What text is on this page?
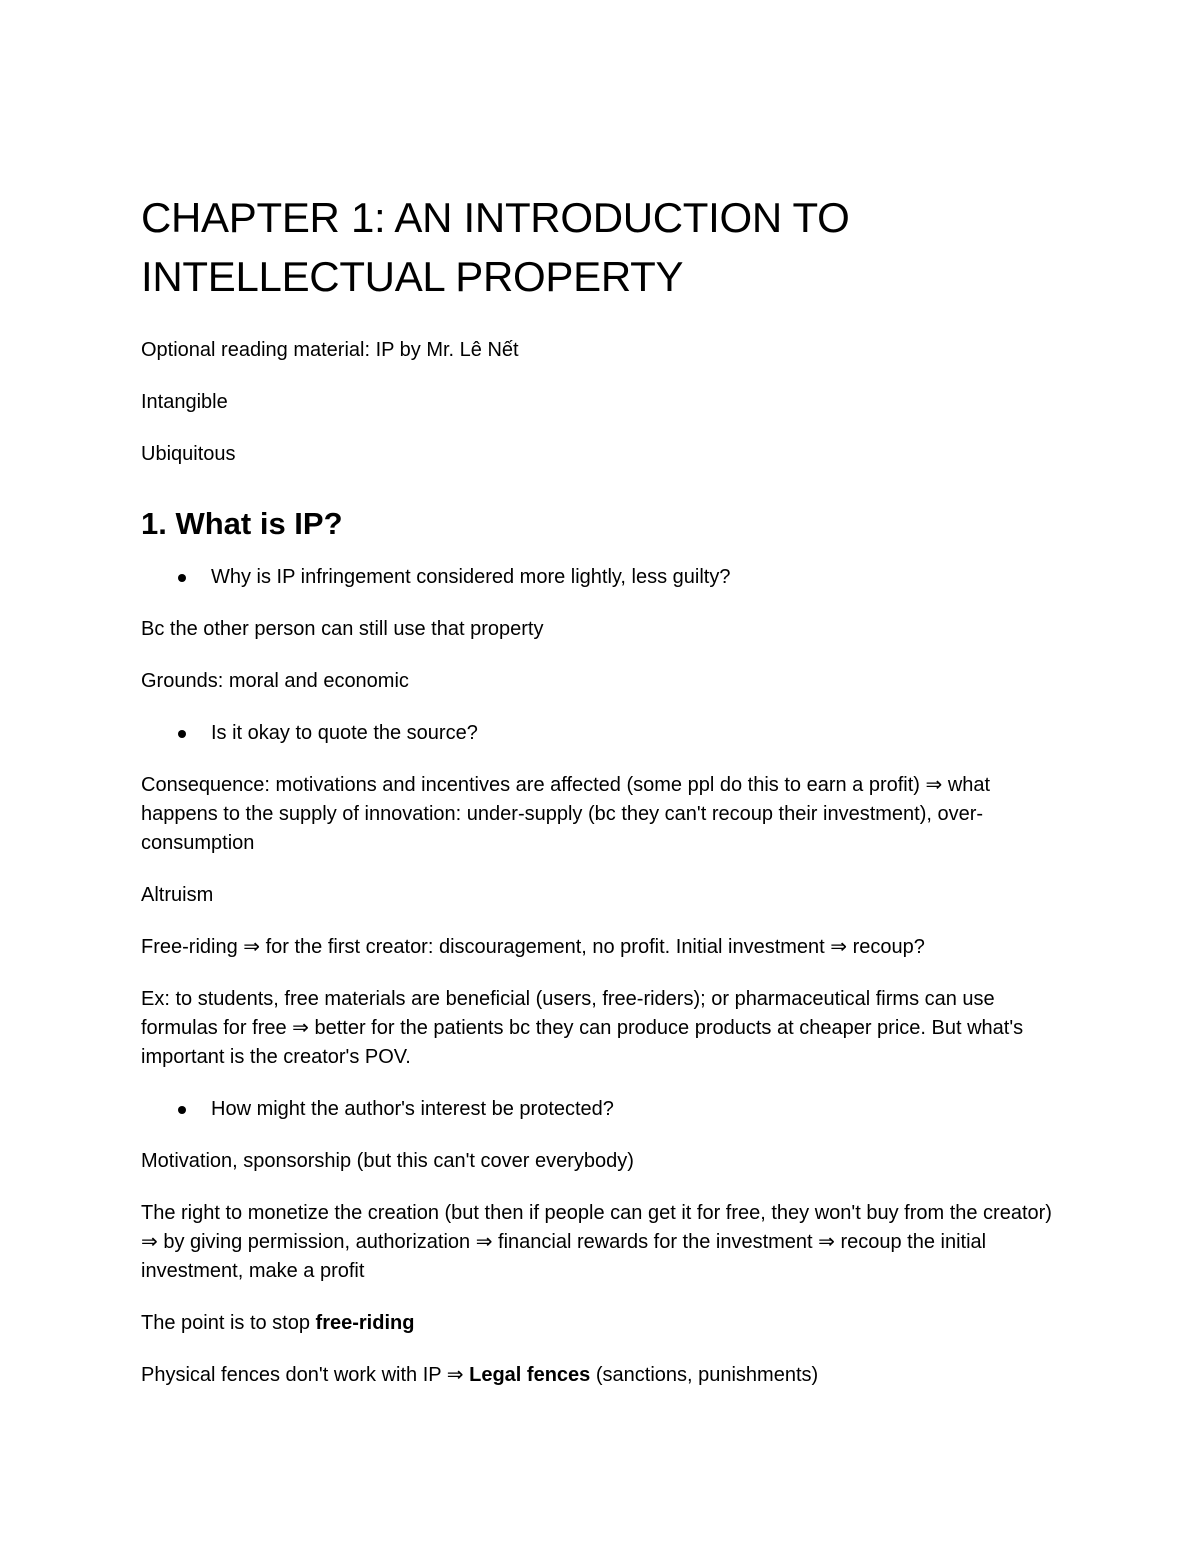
CHAPTER 1: AN INTRODUCTION TO INTELLECTUAL PROPERTY

Optional reading material: IP by Mr. Lê Nết

Intangible

Ubiquitous

1. What is IP?
Why is IP infringement considered more lightly, less guilty?

Bc the other person can still use that property

Grounds: moral and economic

Is it okay to quote the source?

Consequence: motivations and incentives are affected (some ppl do this to earn a profit) ⇒ what happens to the supply of innovation: under-supply (bc they can't recoup their investment), over-consumption

Altruism

Free-riding ⇒ for the first creator: discouragement, no profit. Initial investment ⇒ recoup?

Ex: to students, free materials are beneficial (users, free-riders); or pharmaceutical firms can use formulas for free ⇒ better for the patients bc they can produce products at cheaper price. But what's important is the creator's POV.

How might the author's interest be protected?

Motivation, sponsorship (but this can't cover everybody)

The right to monetize the creation (but then if people can get it for free, they won't buy from the creator) ⇒ by giving permission, authorization ⇒ financial rewards for the investment ⇒ recoup the initial investment, make a profit

The point is to stop free-riding

Physical fences don't work with IP ⇒ Legal fences (sanctions, punishments)
